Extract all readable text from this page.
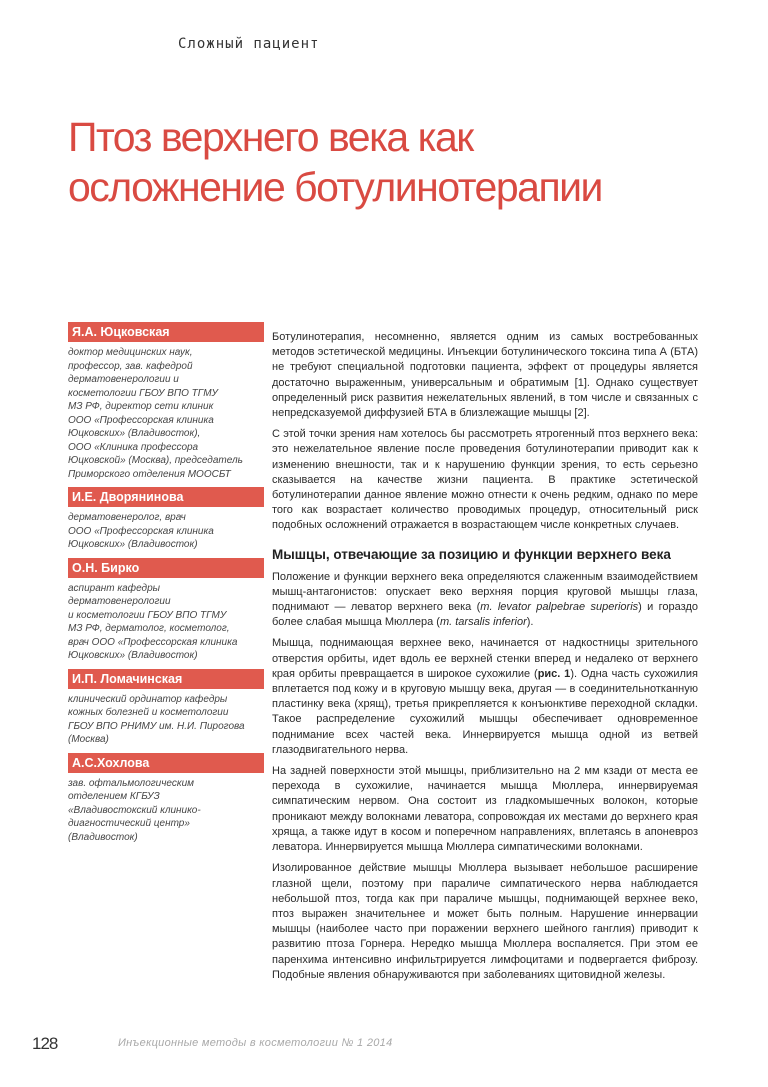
Сложный пациент
Птоз верхнего века как
осложнение ботулинотерапии
Я.А. Юцковская
доктор медицинских наук,
профессор, зав. кафедрой
дерматовенерологии и
косметологии ГБОУ ВПО ТГМУ
МЗ РФ, директор сети клиник
ООО «Профессорская клиника
Юцковских» (Владивосток),
ООО «Клиника профессора
Юцковской» (Москва), председатель
Приморского отделения МООСБТ
И.Е. Дворянинова
дерматовенеролог, врач
ООО «Профессорская клиника
Юцковских» (Владивосток)
О.Н. Бирко
аспирант кафедры
дерматовенерологии
и косметологии ГБОУ ВПО ТГМУ
МЗ РФ, дерматолог, косметолог,
врач ООО «Профессорская клиника
Юцковских» (Владивосток)
И.П. Ломачинская
клинический ординатор кафедры
кожных болезней и косметологии
ГБОУ ВПО РНИМУ им. Н.И. Пирогова
(Москва)
А.С.Хохлова
зав. офтальмологическим
отделением КГБУЗ
«Владивостокский клинико-
диагностический центр»
(Владивосток)

Ботулинотерапия, несомненно, является одним из самых востребованных методов эстетической медицины. Инъекции ботулинического токсина типа А (БТА) не требуют специальной подготовки пациента, эффект от процедуры является достаточно выраженным, универсальным и обратимым [1]. Однако существует определенный риск развития нежелательных явлений, в том числе и связанных с непредсказуемой диффузией БТА в близлежащие мышцы [2].

С этой точки зрения нам хотелось бы рассмотреть ятрогенный птоз верхнего века: это нежелательное явление после проведения ботулинотерапии приводит как к изменению внешности, так и к нарушению функции зрения, то есть серьезно сказывается на качестве жизни пациента. В практике эстетической ботулинотерапии данное явление можно отнести к очень редким, однако по мере того как возрастает количество проводимых процедур, относительный риск подобных осложнений отражается в возрастающем числе конкретных случаев.

Мышцы, отвечающие за позицию и функции верхнего века

Положение и функции верхнего века определяются слаженным взаимодействием мышц-антагонистов: опускает веко верхняя порция круговой мышцы глаза, поднимают — леватор верхнего века (m. levator palpebrae superioris) и гораздо более слабая мышца Мюллера (m. tarsalis inferior).

Мышца, поднимающая верхнее веко, начинается от надкостницы зрительного отверстия орбиты, идет вдоль ее верхней стенки вперед и недалеко от верхнего края орбиты превращается в широкое сухожилие (рис. 1). Одна часть сухожилия вплетается под кожу и в круговую мышцу века, другая — в соединительнотканную пластинку века (хрящ), третья прикрепляется к конъюнктиве переходной складки. Такое распределение сухожилий мышцы обеспечивает одновременное поднимание всех частей века. Иннервируется мышца одной из ветвей глазодвигательного нерва.

На задней поверхности этой мышцы, приблизительно на 2 мм кзади от места ее перехода в сухожилие, начинается мышца Мюллера, иннервируемая симпатическим нервом. Она состоит из гладкомышечных волокон, которые проникают между волокнами леватора, сопровождая их местами до верхнего края хряща, а также идут в косом и поперечном направлениях, вплетаясь в апоневроз леватора. Иннервируется мышца Мюллера симпатическими волокнами.

Изолированное действие мышцы Мюллера вызывает небольшое расширение глазной щели, поэтому при параличе симпатического нерва наблюдается небольшой птоз, тогда как при параличе мышцы, поднимающей верхнее веко, птоз выражен значительнее и может быть полным. Нарушение иннервации мышцы (наиболее часто при поражении верхнего шейного ганглия) приводит к развитию птоза Горнера. Нередко мышца Мюллера воспаляется. При этом ее паренхима интенсивно инфильтрируется лимфоцитами и подвергается фиброзу. Подобные явления обнаруживаются при заболеваниях щитовидной железы.

128	Инъекционные методы в косметологии № 1 2014
